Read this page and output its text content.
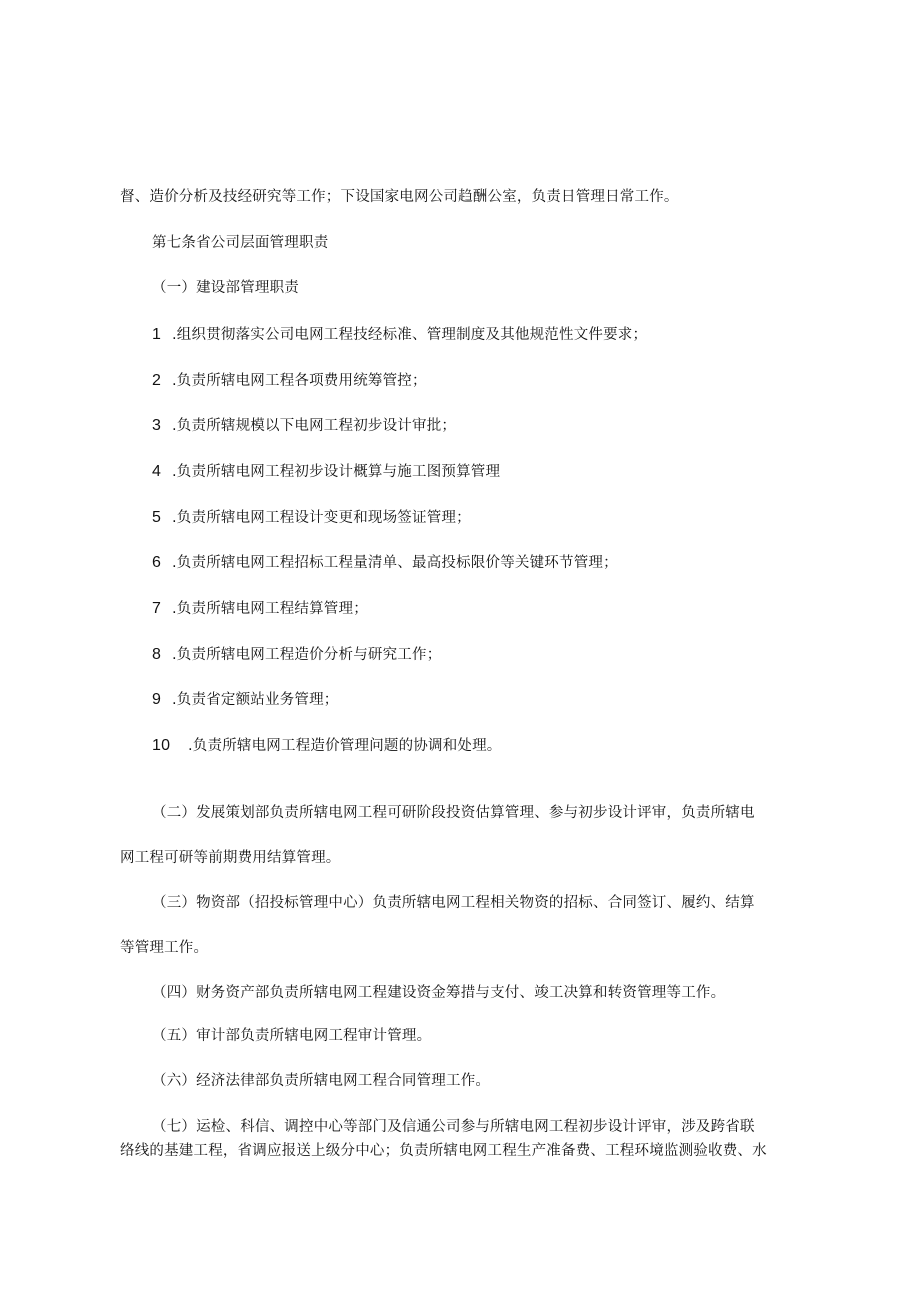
督、造价分析及技经研究等工作；下设国家电网公司趋酬公室，负责日管理日常工作。
第七条省公司层面管理职责
（一）建设部管理职责
1 .组织贯彻落实公司电网工程技经标准、管理制度及其他规范性文件要求；
2 .负责所辖电网工程各项费用统筹管控；
3 .负责所辖规模以下电网工程初步设计审批；
4 .负责所辖电网工程初步设计概算与施工图预算管理
5 .负责所辖电网工程设计变更和现场签证管理；
6 .负责所辖电网工程招标工程量清单、最高投标限价等关键环节管理；
7 .负责所辖电网工程结算管理；
8 .负责所辖电网工程造价分析与研究工作；
9 .负责省定额站业务管理；
10 .负责所辖电网工程造价管理问题的协调和处理。
（二）发展策划部负责所辖电网工程可研阶段投资估算管理、参与初步设计评审，负责所辖电
网工程可研等前期费用结算管理。
（三）物资部（招投标管理中心）负责所辖电网工程相关物资的招标、合同签订、履约、结算
等管理工作。
（四）财务资产部负责所辖电网工程建设资金筹措与支付、竣工决算和转资管理等工作。
（五）审计部负责所辖电网工程审计管理。
（六）经济法律部负责所辖电网工程合同管理工作。
（七）运检、科信、调控中心等部门及信通公司参与所辖电网工程初步设计评审，涉及跨省联
络线的基建工程，省调应报送上级分中心；负责所辖电网工程生产准备费、工程环境监测验收费、水
